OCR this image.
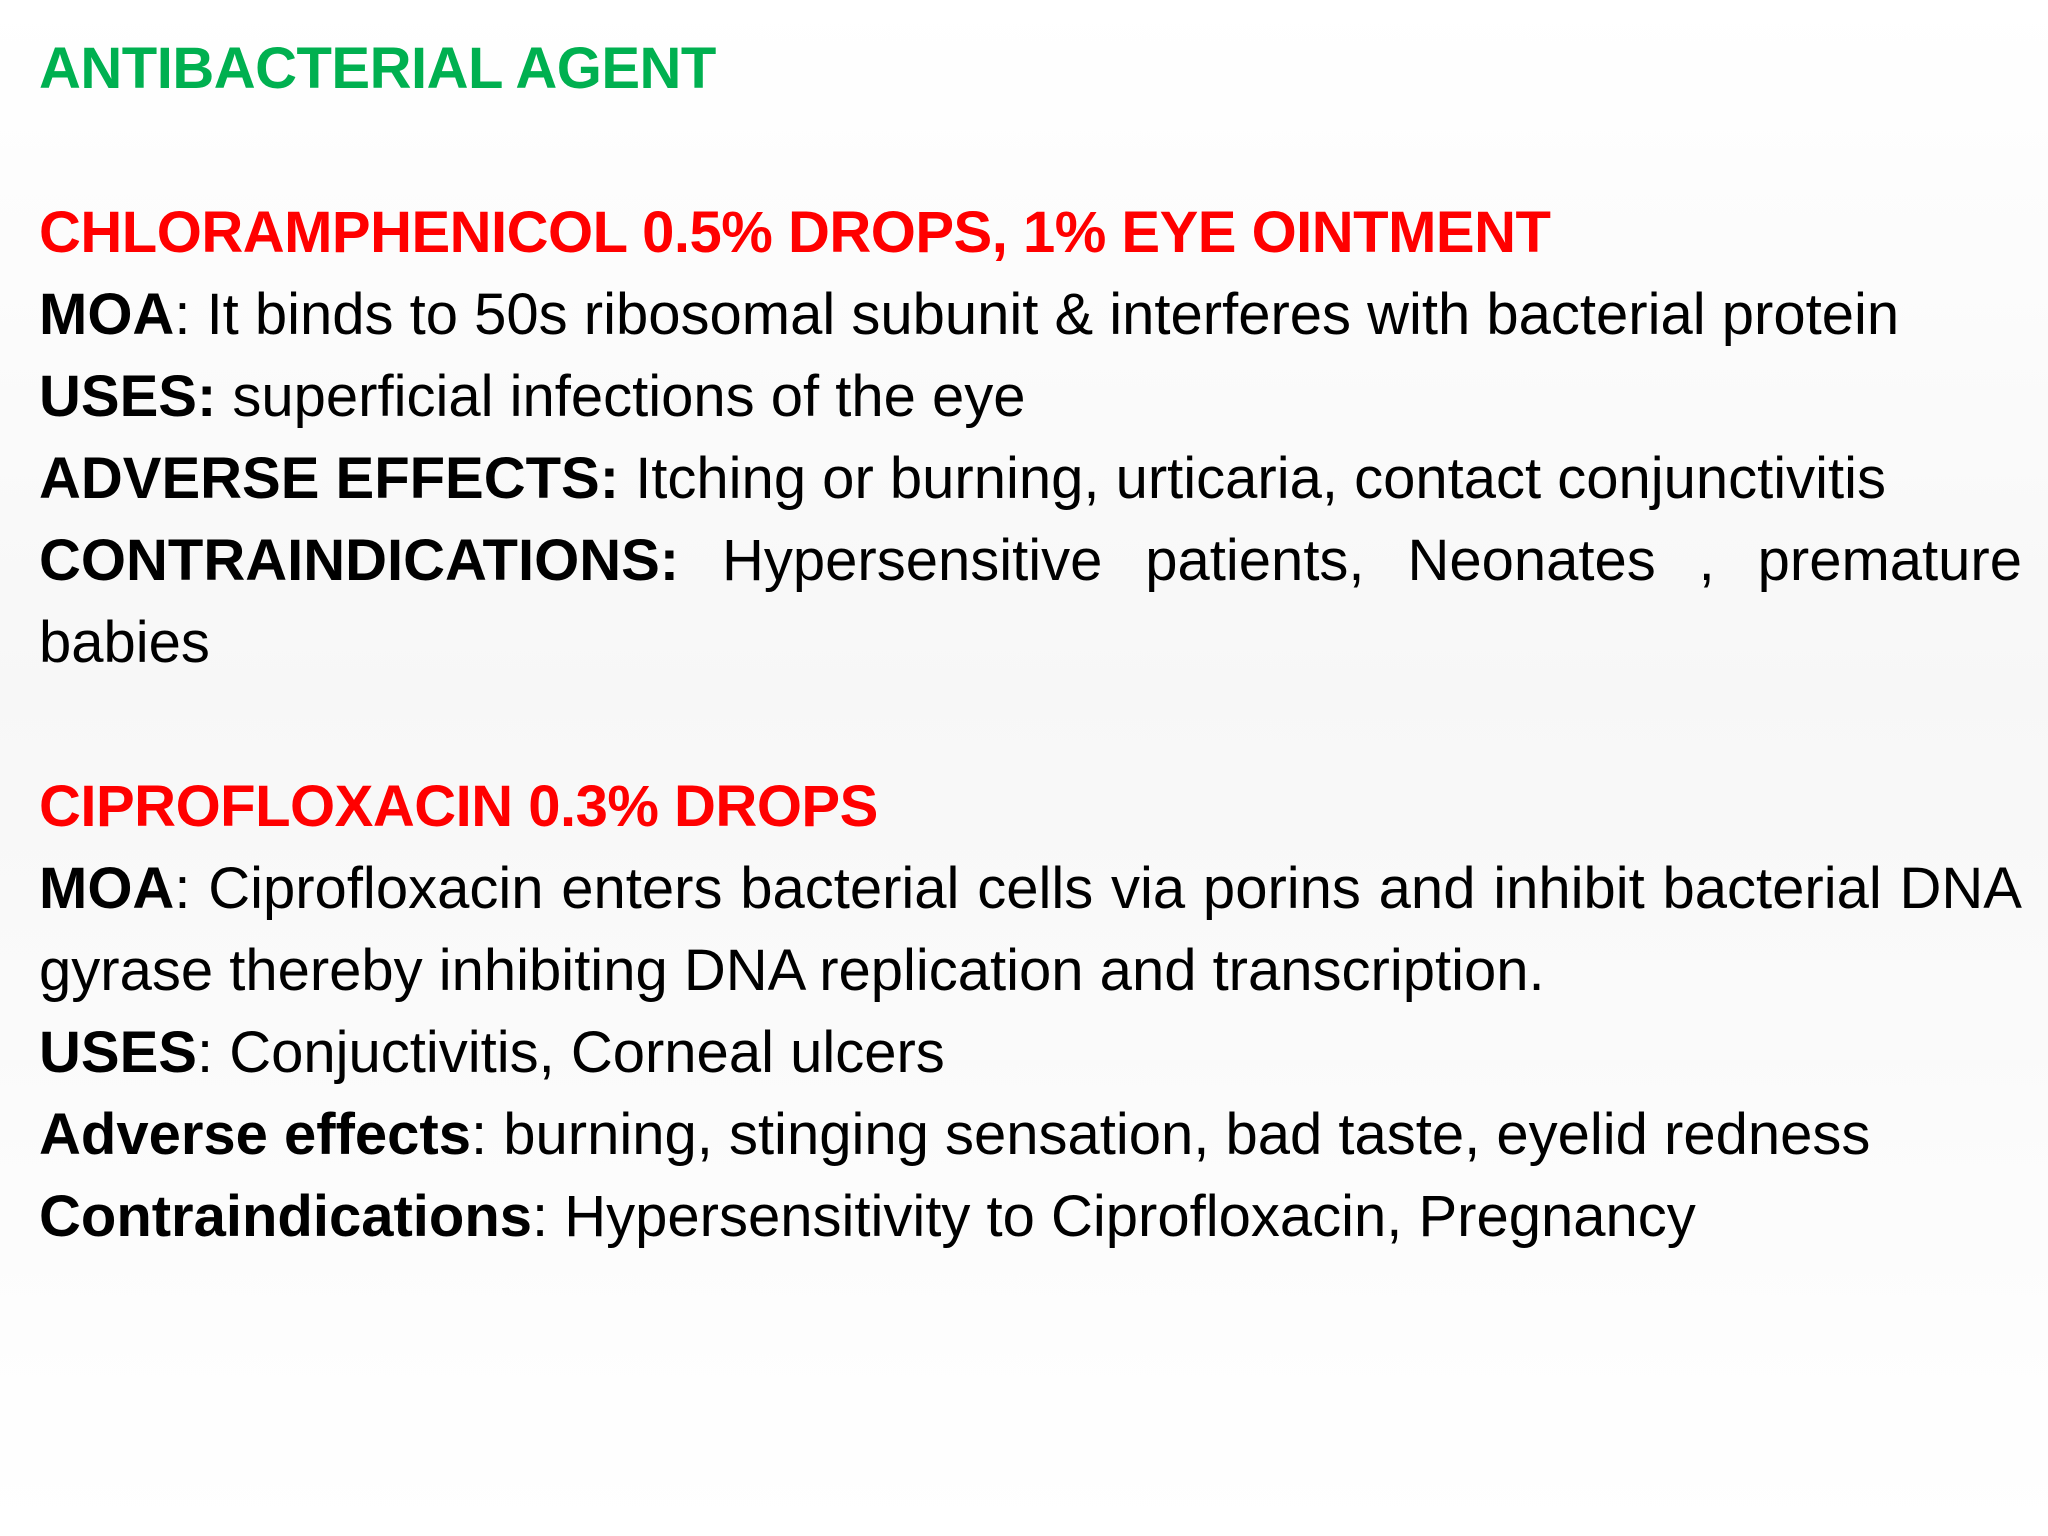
ANTIBACTERIAL AGENT
CHLORAMPHENICOL 0.5% DROPS, 1% EYE OINTMENT
MOA: It binds to 50s ribosomal subunit & interferes with bacterial protein
USES: superficial infections of the eye
ADVERSE EFFECTS: Itching or burning, urticaria, contact conjunctivitis
CONTRAINDICATIONS: Hypersensitive patients, Neonates , premature babies
CIPROFLOXACIN 0.3% DROPS
MOA: Ciprofloxacin enters bacterial cells via porins and inhibit bacterial DNA gyrase thereby inhibiting DNA replication and transcription.
USES: Conjuctivitis, Corneal ulcers
Adverse effects: burning, stinging sensation, bad taste, eyelid redness
Contraindications: Hypersensitivity to Ciprofloxacin, Pregnancy
